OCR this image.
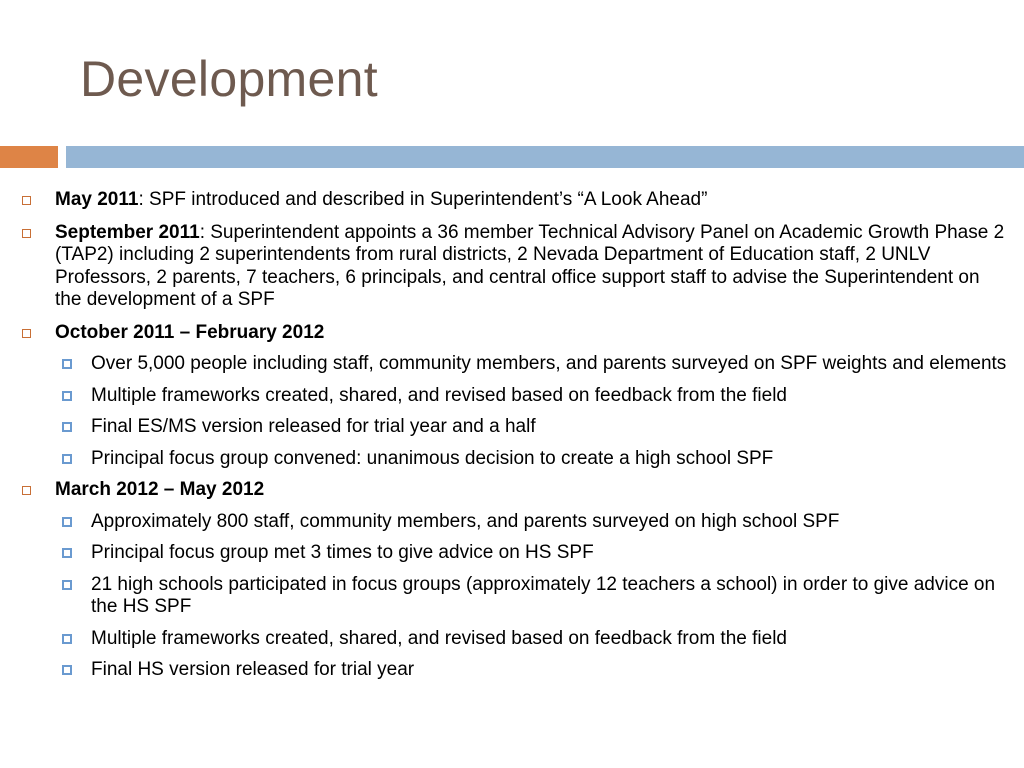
Development
May 2011: SPF introduced and described in Superintendent’s “A Look Ahead”
September 2011: Superintendent appoints a 36 member Technical Advisory Panel on Academic Growth Phase 2 (TAP2) including 2 superintendents from rural districts, 2 Nevada Department of Education staff, 2 UNLV Professors, 2 parents, 7 teachers, 6 principals, and central office support staff to advise the Superintendent on the development of a SPF
October 2011 – February 2012
Over 5,000 people including staff, community members, and parents surveyed on SPF weights and elements
Multiple frameworks created, shared, and revised based on feedback from the field
Final ES/MS version released for trial year and a half
Principal focus group convened: unanimous decision to create a high school SPF
March 2012 – May 2012
Approximately 800 staff, community members, and parents surveyed on high school SPF
Principal focus group met 3 times to give advice on HS SPF
21 high schools participated in focus groups (approximately 12 teachers a school) in order to give advice on the HS SPF
Multiple frameworks created, shared, and revised based on feedback from the field
Final HS version released for trial year
